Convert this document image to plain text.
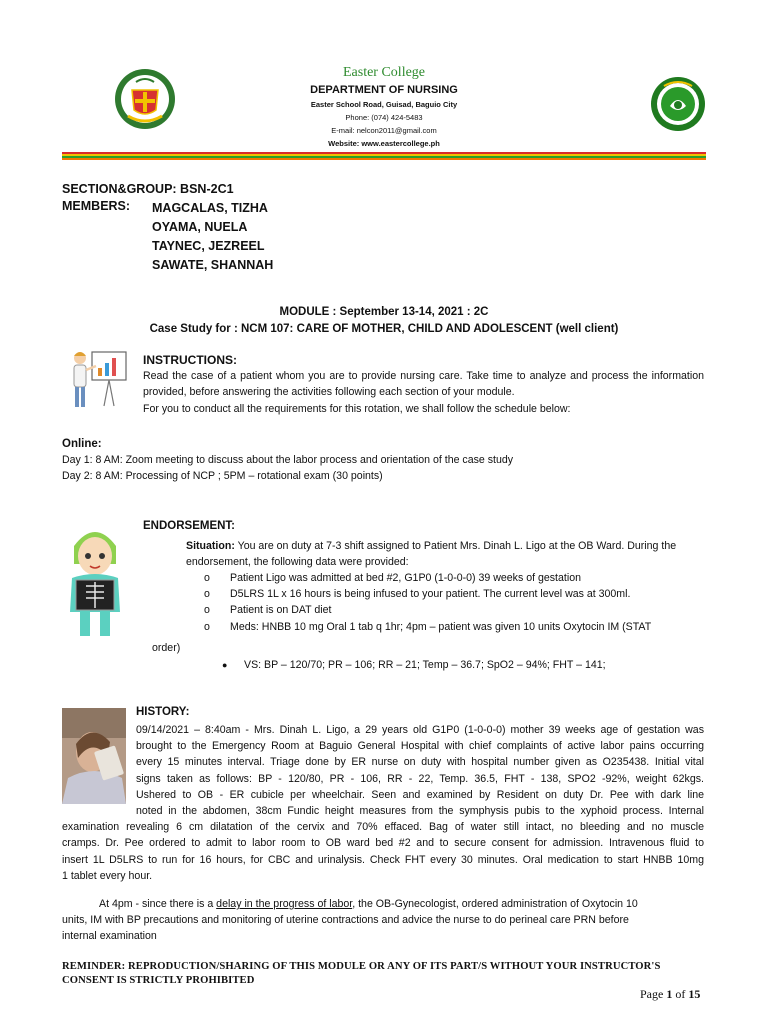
Easter College
DEPARTMENT OF NURSING
Easter School Road, Guisad, Baguio City
Phone: (074) 424-5483
E-mail: nelcon2011@gmail.com
Website: www.eastercollege.ph
SECTION&GROUP: BSN-2C1
MEMBERS: MAGCALAS, TIZHA
OYAMA, NUELA
TAYNEC, JEZREEL
SAWATE, SHANNAH
MODULE : September 13-14, 2021 : 2C
Case Study for : NCM 107: CARE OF MOTHER, CHILD AND ADOLESCENT (well client)
INSTRUCTIONS:

Read the case of a patient whom you are to provide nursing care. Take time to analyze and process the information provided, before answering the activities following each section of your module.

For you to conduct all the requirements for this rotation, we shall follow the schedule below:

Online:

Day 1: 8 AM: Zoom meeting to discuss about the labor process and orientation of the case study

Day 2: 8 AM: Processing of NCP ; 5PM – rotational exam (30 points)

ENDORSEMENT:

Situation: You are on duty at 7-3 shift assigned to Patient Mrs. Dinah L. Ligo at the OB Ward. During the endorsement, the following data were provided:

o	Patient Ligo was admitted at bed #2, G1P0 (1-0-0-0) 39 weeks of gestation
o	D5LRS 1L x 16 hours is being infused to your patient. The current level was at 300ml.
o	Patient is on DAT diet
o	Meds: HNBB 10 mg Oral 1 tab q 1hr; 4pm – patient was given 10 units Oxytocin IM (STAT
order)
●	VS: BP – 120/70; PR – 106; RR – 21; Temp – 36.7; SpO2 – 94%; FHT – 141;
HISTORY:
09/14/2021 – 8:40am - Mrs. Dinah L. Ligo, a 29 years old G1P0 (1-0-0-0) mother 39 weeks age of gestation was
brought to the Emergency Room at Baguio General Hospital with chief complaints of active labor pains occurring
every 15 minutes interval. Triage done by ER nurse on duty with hospital number given as O235438. Initial vital
signs taken as follows: BP - 120/80, PR - 106, RR - 22, Temp. 36.5, FHT - 138, SPO2 -92%, weight 62kgs.
Ushered to OB - ER cubicle per wheelchair. Seen and examined by Resident on duty Dr. Pee with dark line
noted in the abdomen, 38cm Fundic height measures from the symphysis pubis to the xyphoid process. Internal
examination revealing 6 cm dilatation of the cervix and 70% effaced. Bag of water still intact, no bleeding and no muscle
cramps. Dr. Pee ordered to admit to labor room to OB ward bed #2 and to secure consent for admission. Intravenous fluid to
insert 1L D5LRS to run for 16 hours, for CBC and urinalysis. Check FHT every 30 minutes. Oral medication to start HNBB 10mg
1 tablet every hour.
At 4pm - since there is a delay in the progress of labor, the OB-Gynecologist, ordered administration of Oxytocin 10
units, IM with BP precautions and monitoring of uterine contractions and advice the nurse to do perineal care PRN before
internal examination
REMINDER: REPRODUCTION/SHARING OF THIS MODULE OR ANY OF ITS PART/S WITHOUT YOUR INSTRUCTOR'S CONSENT IS STRICTLY PROHIBITED
Page 1 of 15
